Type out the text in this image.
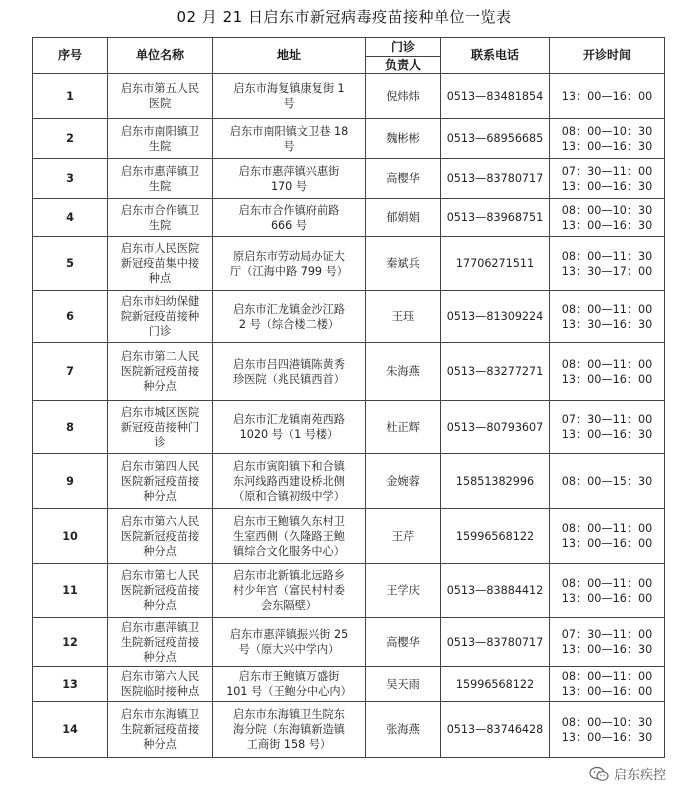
02 月 21 日启东市新冠病毒疫苗接种单位一览表
序号	单位名称	地址	门诊
负责人	联系电话	开诊时间
1	启东市第五人民
医院	启东市海复镇康复街 1
号	倪炜炜	0513—83481854	13：00—16：00

2	启东市南阳镇卫
生院	启东市南阳镇文卫巷 18
号	魏彬彬	0513—68956685	08：00—10：30
13：00—16：30

3	启东市惠萍镇卫
生院	启东市惠萍镇兴惠街
170 号	高樱华	0513—83780717	07：30—11：00
13：00—16：30

4	启东市合作镇卫
生院	启东市合作镇府前路
666 号	郁娟娟	0513—83968751	08：00—10：30
13：00—16：30

5	启东市人民医院
新冠疫苗集中接
种点	原启东市劳动局办证大
厅（江海中路 799 号）	秦斌兵	17706271511	08：00—11：30
13：30—17：00

6	启东市妇幼保健
院新冠疫苗接种
门诊	启东市汇龙镇金沙江路
2 号（综合楼二楼）	王珏	0513—81309224	08：00—11：00
13：30—16：30

7	启东市第二人民
医院新冠疫苗接
种分点	启东市吕四港镇陈黄秀
珍医院（兆民镇西首）	朱海燕	0513—83277271	08：00—11：00
13：00—16：00

8	启东市城区医院
新冠疫苗接种门
诊	启东市汇龙镇南苑西路
1020 号（1 号楼）	杜正辉	0513—80793607	07：30—11：00
13：00—16：30

9	启东市第四人民
医院新冠疫苗接
种分点	启东市寅阳镇下和合镇
东河线路西建设桥北侧
（原和合镇初级中学）	金婉蓉	15851382996	08：00—15：30

10	启东市第六人民
医院新冠疫苗接
种分点	启东市王鲍镇久东村卫
生室西侧（久隆路王鲍
镇综合文化服务中心）	王芹	15996568122	08：00—11：00
13：00—16：00

11	启东市第七人民
医院新冠疫苗接
种分点	启东市北新镇北远路乡
村少年宫（富民村村委
会东隔壁）	王学庆	0513—83884412	08：00—11：00
13：00—16：00

12	启东市惠萍镇卫
生院新冠疫苗接
种分点	启东市惠萍镇振兴街 25
号（原大兴中学内）	高樱华	0513—83780717	07：30—11：00
13：00—16：30

13	启东市第六人民
医院临时接种点	启东市王鲍镇万盛街
101 号（王鲍分中心内）	吴天雨	15996568122	08：00—11：00
13：00—16：00

14	启东市东海镇卫
生院新冠疫苗接
种分点	启东市东海镇卫生院东
海分院（东海镇新造镇
工商街 158 号）	张海燕	0513—83746428	08：00—10：30
13：00—16：30
启东疾控
